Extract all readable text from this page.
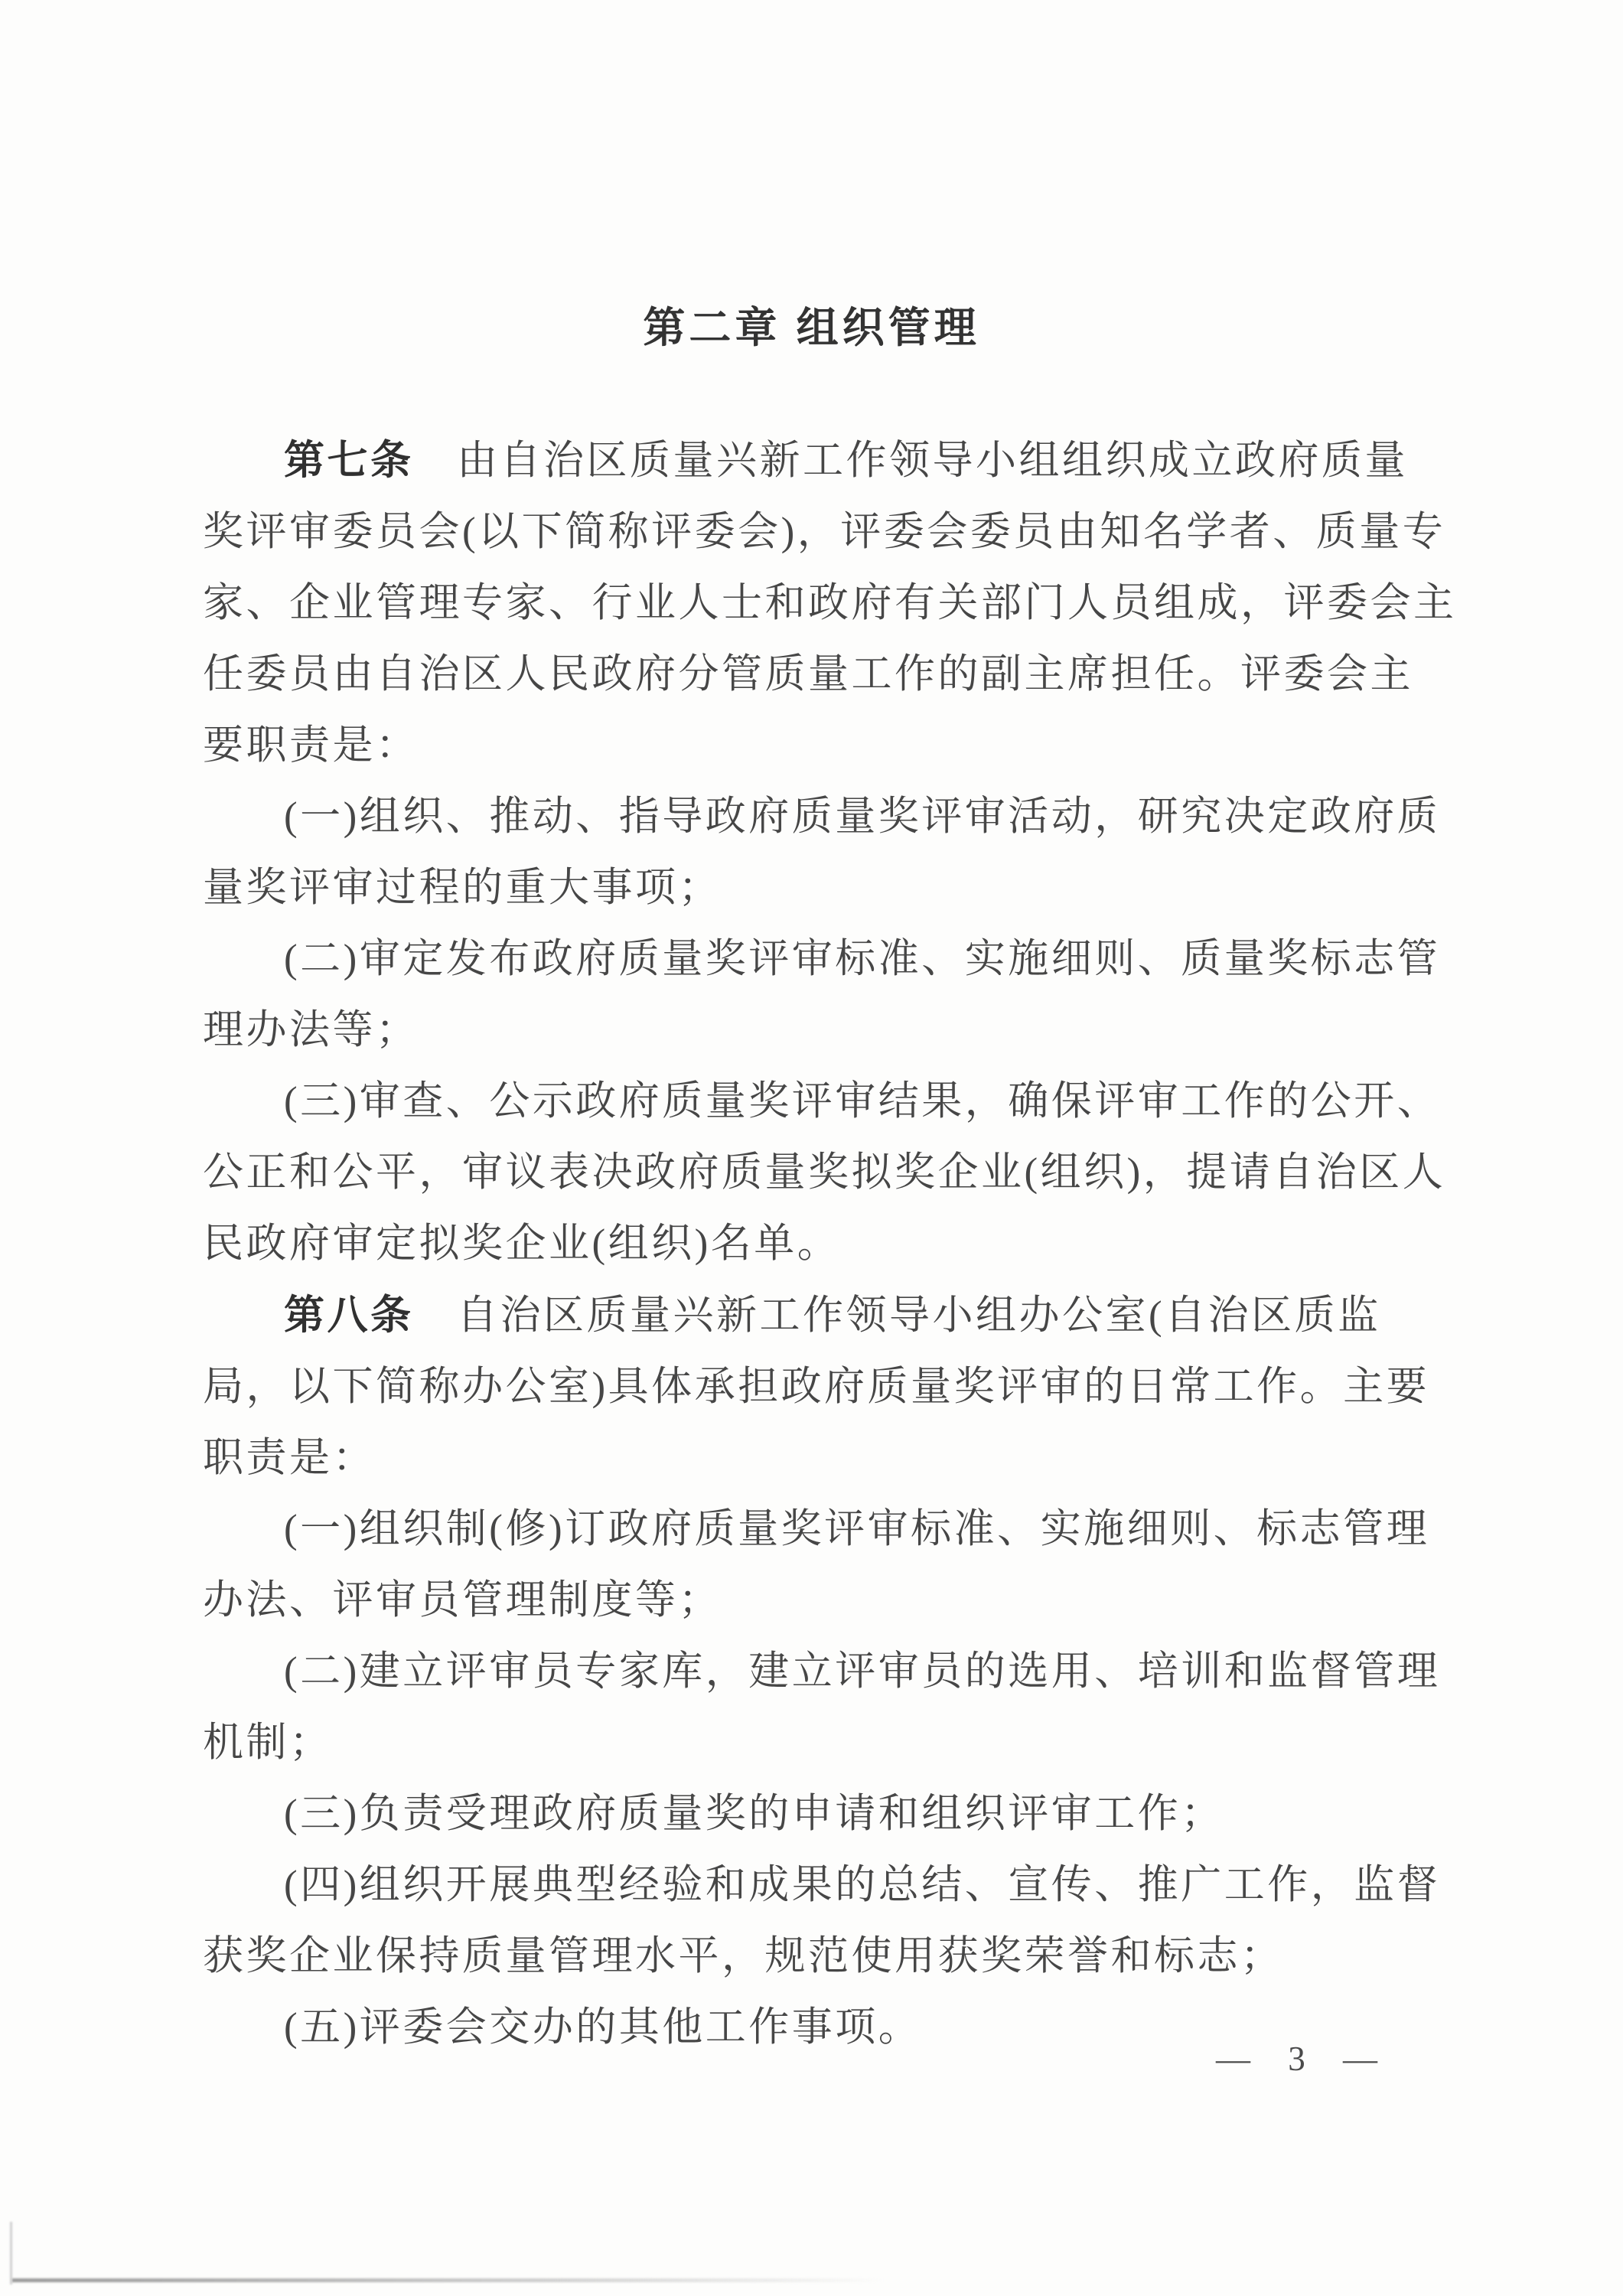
第二章 组织管理
第七条　由自治区质量兴新工作领导小组组织成立政府质量
奖评审委员会(以下简称评委会)，评委会委员由知名学者、质量专
家、企业管理专家、行业人士和政府有关部门人员组成，评委会主
任委员由自治区人民政府分管质量工作的副主席担任。评委会主
要职责是：
(一)组织、推动、指导政府质量奖评审活动，研究决定政府质
量奖评审过程的重大事项；
(二)审定发布政府质量奖评审标准、实施细则、质量奖标志管
理办法等；
(三)审查、公示政府质量奖评审结果，确保评审工作的公开、
公正和公平，审议表决政府质量奖拟奖企业(组织)，提请自治区人
民政府审定拟奖企业(组织)名单。
第八条　自治区质量兴新工作领导小组办公室(自治区质监
局，以下简称办公室)具体承担政府质量奖评审的日常工作。主要
职责是：
(一)组织制(修)订政府质量奖评审标准、实施细则、标志管理
办法、评审员管理制度等；
(二)建立评审员专家库，建立评审员的选用、培训和监督管理
机制；
(三)负责受理政府质量奖的申请和组织评审工作；
(四)组织开展典型经验和成果的总结、宣传、推广工作，监督
获奖企业保持质量管理水平，规范使用获奖荣誉和标志；
(五)评委会交办的其他工作事项。
— 3 —
